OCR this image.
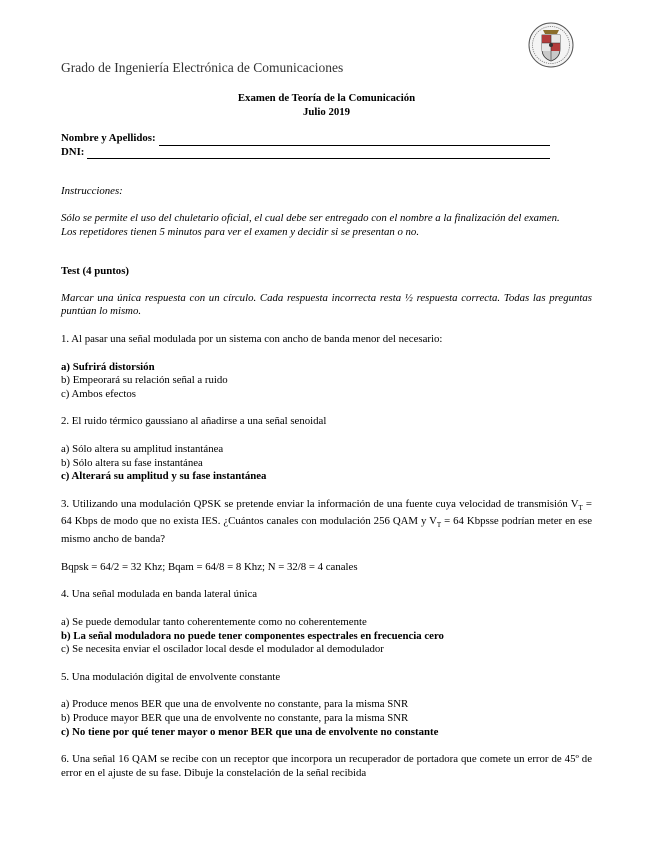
Grado de Ingeniería Electrónica de Comunicaciones

Examen de Teoría de la Comunicación

Julio 2019

Nombre y Apellidos:
DNI:

Instrucciones:

Sólo se permite el uso del chuletario oficial, el cual debe ser entregado con el nombre a la finalización del examen.

Los repetidores tienen 5 minutos para ver el examen y decidir si se presentan o no.

Test (4 puntos)

Marcar una única respuesta con un círculo. Cada respuesta incorrecta resta ½ respuesta correcta. Todas las preguntas puntúan lo mismo.

1. Al pasar una señal modulada por un sistema con ancho de banda menor del necesario:

a) Sufrirá distorsión

b) Empeorará su relación señal a ruido

c) Ambos efectos

2. El ruido térmico gaussiano al añadirse a una señal senoidal

a) Sólo altera su amplitud instantánea

b) Sólo altera su fase instantánea

c) Alterará su amplitud y su fase instantánea

3. Utilizando una modulación QPSK se pretende enviar la información de una fuente cuya velocidad de transmisión $V_T = 64$ Kbps de modo que no exista IES. ¿Cuántos canales con modulación 256 QAM y $V_T = 64$ Kbpsse podrían meter en ese mismo ancho de banda?

Bqpsk = 64/2 = 32 Khz; Bqam = 64/8 = 8 Khz; N = 32/8 = 4 canales

4. Una señal modulada en banda lateral única

a) Se puede demodular tanto coherentemente como no coherentemente

b) La señal moduladora no puede tener componentes espectrales en frecuencia cero

c) Se necesita enviar el oscilador local desde el modulador al demodulador

5. Una modulación digital de envolvente constante

a) Produce menos BER que una de envolvente no constante, para la misma SNR

b) Produce mayor BER que una de envolvente no constante, para la misma SNR

c) No tiene por qué tener mayor o menor BER que una de envolvente no constante

6. Una señal 16 QAM se recibe con un receptor que incorpora un recuperador de portadora que comete un error de 45º de error en el ajuste de su fase. Dibuje la constelación de la señal recibida
